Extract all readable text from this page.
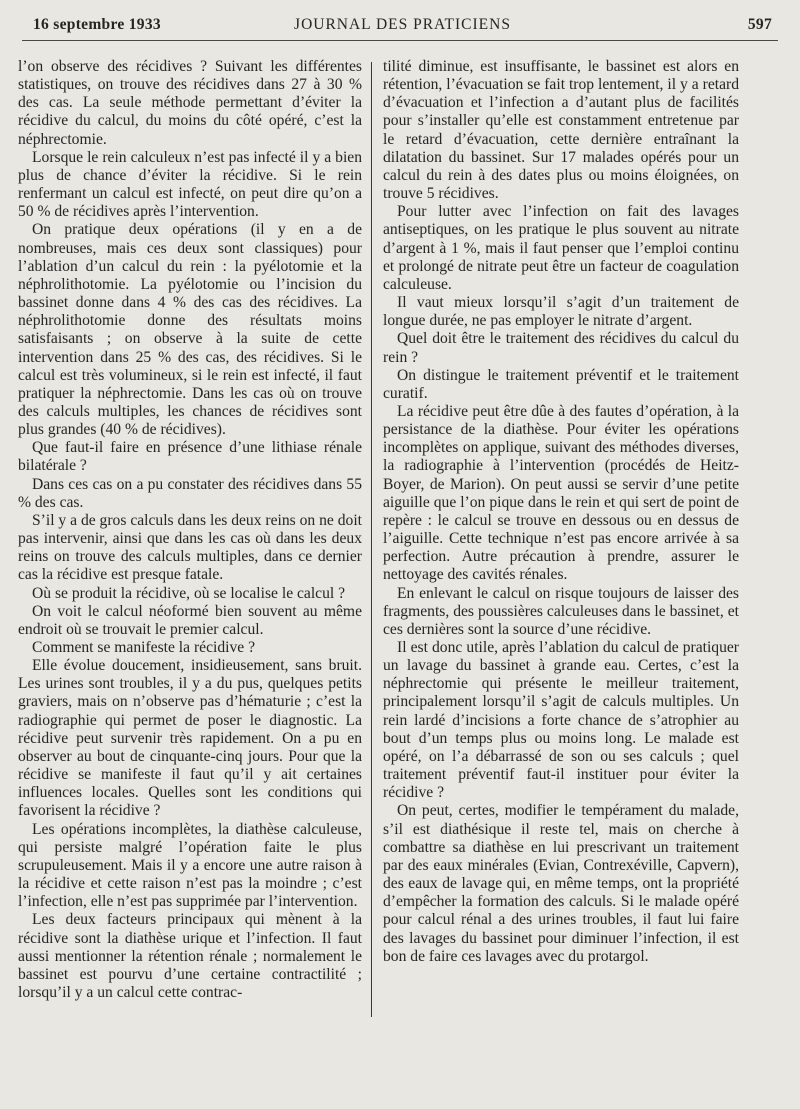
16 septembre 1933	JOURNAL DES PRATICIENS	597

l’on observe des récidives ? Suivant les différentes statistiques, on trouve des récidives dans 27 à 30 % des cas. La seule méthode permettant d’éviter la récidive du calcul, du moins du côté opéré, c’est la néphrectomie.

Lorsque le rein calculeux n’est pas infecté il y a bien plus de chance d’éviter la récidive. Si le rein renfermant un calcul est infecté, on peut dire qu’on a 50 % de récidives après l’intervention.

On pratique deux opérations (il y en a de nombreuses, mais ces deux sont classiques) pour l’ablation d’un calcul du rein : la pyélotomie et la néphrolithotomie. La pyélotomie ou l’incision du bassinet donne dans 4 % des cas des récidives. La néphrolithotomie donne des résultats moins satisfaisants ; on observe à la suite de cette intervention dans 25 % des cas, des récidives. Si le calcul est très volumineux, si le rein est infecté, il faut pratiquer la néphrectomie. Dans les cas où on trouve des calculs multiples, les chances de récidives sont plus grandes (40 % de récidives).

Que faut-il faire en présence d’une lithiase rénale bilatérale ?

Dans ces cas on a pu constater des récidives dans 55 % des cas.

S’il y a de gros calculs dans les deux reins on ne doit pas intervenir, ainsi que dans les cas où dans les deux reins on trouve des calculs multiples, dans ce dernier cas la récidive est presque fatale.

Où se produit la récidive, où se localise le calcul ?

On voit le calcul néoformé bien souvent au même endroit où se trouvait le premier calcul.

Comment se manifeste la récidive ?

Elle évolue doucement, insidieusement, sans bruit. Les urines sont troubles, il y a du pus, quelques petits graviers, mais on n’observe pas d’hématurie ; c’est la radiographie qui permet de poser le diagnostic. La récidive peut survenir très rapidement. On a pu en observer au bout de cinquante-cinq jours. Pour que la récidive se manifeste il faut qu’il y ait certaines influences locales. Quelles sont les conditions qui favorisent la récidive ?

Les opérations incomplètes, la diathèse calculeuse, qui persiste malgré l’opération faite le plus scrupuleusement. Mais il y a encore une autre raison à la récidive et cette raison n’est pas la moindre ; c’est l’infection, elle n’est pas supprimée par l’intervention.

Les deux facteurs principaux qui mènent à la récidive sont la diathèse urique et l’infection. Il faut aussi mentionner la rétention rénale ; normalement le bassinet est pourvu d’une certaine contractilité ; lorsqu’il y a un calcul cette contrac-

tilité diminue, est insuffisante, le bassinet est alors en rétention, l’évacuation se fait trop lentement, il y a retard d’évacuation et l’infection a d’autant plus de facilités pour s’installer qu’elle est constamment entretenue par le retard d’évacuation, cette dernière entraînant la dilatation du bassinet. Sur 17 malades opérés pour un calcul du rein à des dates plus ou moins éloignées, on trouve 5 récidives.

Pour lutter avec l’infection on fait des lavages antiseptiques, on les pratique le plus souvent au nitrate d’argent à 1 %, mais il faut penser que l’emploi continu et prolongé de nitrate peut être un facteur de coagulation calculeuse.

Il vaut mieux lorsqu’il s’agit d’un traitement de longue durée, ne pas employer le nitrate d’argent.

Quel doit être le traitement des récidives du calcul du rein ?

On distingue le traitement préventif et le traitement curatif.

La récidive peut être dûe à des fautes d’opération, à la persistance de la diathèse. Pour éviter les opérations incomplètes on applique, suivant des méthodes diverses, la radiographie à l’intervention (procédés de Heitz-Boyer, de Marion). On peut aussi se servir d’une petite aiguille que l’on pique dans le rein et qui sert de point de repère : le calcul se trouve en dessous ou en dessus de l’aiguille. Cette technique n’est pas encore arrivée à sa perfection. Autre précaution à prendre, assurer le nettoyage des cavités rénales.

En enlevant le calcul on risque toujours de laisser des fragments, des poussières calculeuses dans le bassinet, et ces dernières sont la source d’une récidive.

Il est donc utile, après l’ablation du calcul de pratiquer un lavage du bassinet à grande eau. Certes, c’est la néphrectomie qui présente le meilleur traitement, principalement lorsqu’il s’agit de calculs multiples. Un rein lardé d’incisions a forte chance de s’atrophier au bout d’un temps plus ou moins long. Le malade est opéré, on l’a débarrassé de son ou ses calculs ; quel traitement préventif faut-il instituer pour éviter la récidive ?

On peut, certes, modifier le tempérament du malade, s’il est diathésique il reste tel, mais on cherche à combattre sa diathèse en lui prescrivant un traitement par des eaux minérales (Evian, Contrexéville, Capvern), des eaux de lavage qui, en même temps, ont la propriété d’empêcher la formation des calculs. Si le malade opéré pour calcul rénal a des urines troubles, il faut lui faire des lavages du bassinet pour diminuer l’infection, il est bon de faire ces lavages avec du protargol.
